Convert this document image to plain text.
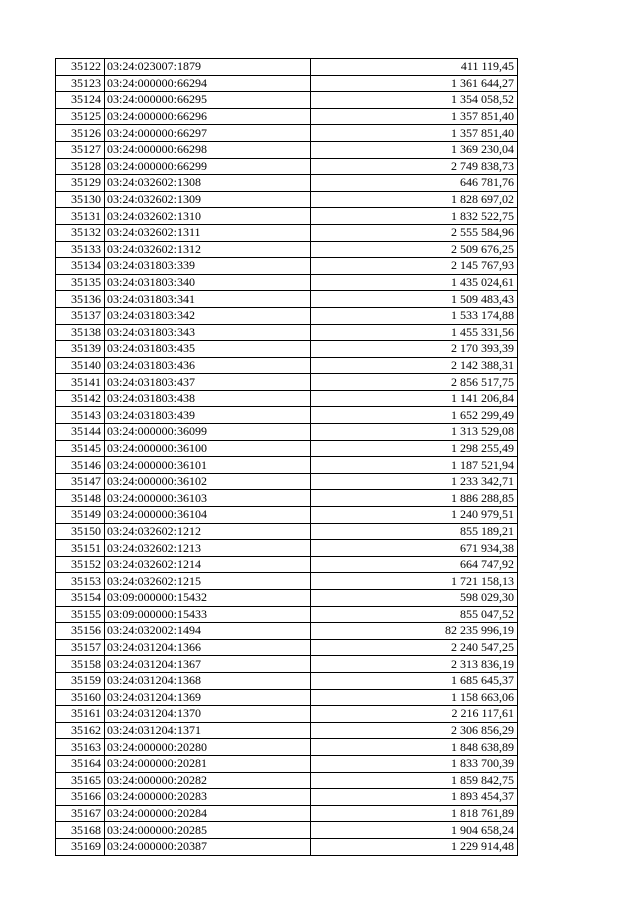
35122	03:24:023007:1879	411 119,45
35123	03:24:000000:66294	1 361 644,27
35124	03:24:000000:66295	1 354 058,52
35125	03:24:000000:66296	1 357 851,40
35126	03:24:000000:66297	1 357 851,40
35127	03:24:000000:66298	1 369 230,04
35128	03:24:000000:66299	2 749 838,73
35129	03:24:032602:1308	646 781,76
35130	03:24:032602:1309	1 828 697,02
35131	03:24:032602:1310	1 832 522,75
35132	03:24:032602:1311	2 555 584,96
35133	03:24:032602:1312	2 509 676,25
35134	03:24:031803:339	2 145 767,93
35135	03:24:031803:340	1 435 024,61
35136	03:24:031803:341	1 509 483,43
35137	03:24:031803:342	1 533 174,88
35138	03:24:031803:343	1 455 331,56
35139	03:24:031803:435	2 170 393,39
35140	03:24:031803:436	2 142 388,31
35141	03:24:031803:437	2 856 517,75
35142	03:24:031803:438	1 141 206,84
35143	03:24:031803:439	1 652 299,49
35144	03:24:000000:36099	1 313 529,08
35145	03:24:000000:36100	1 298 255,49
35146	03:24:000000:36101	1 187 521,94
35147	03:24:000000:36102	1 233 342,71
35148	03:24:000000:36103	1 886 288,85
35149	03:24:000000:36104	1 240 979,51
35150	03:24:032602:1212	855 189,21
35151	03:24:032602:1213	671 934,38
35152	03:24:032602:1214	664 747,92
35153	03:24:032602:1215	1 721 158,13
35154	03:09:000000:15432	598 029,30
35155	03:09:000000:15433	855 047,52
35156	03:24:032002:1494	82 235 996,19
35157	03:24:031204:1366	2 240 547,25
35158	03:24:031204:1367	2 313 836,19
35159	03:24:031204:1368	1 685 645,37
35160	03:24:031204:1369	1 158 663,06
35161	03:24:031204:1370	2 216 117,61
35162	03:24:031204:1371	2 306 856,29
35163	03:24:000000:20280	1 848 638,89
35164	03:24:000000:20281	1 833 700,39
35165	03:24:000000:20282	1 859 842,75
35166	03:24:000000:20283	1 893 454,37
35167	03:24:000000:20284	1 818 761,89
35168	03:24:000000:20285	1 904 658,24
35169	03:24:000000:20387	1 229 914,48
